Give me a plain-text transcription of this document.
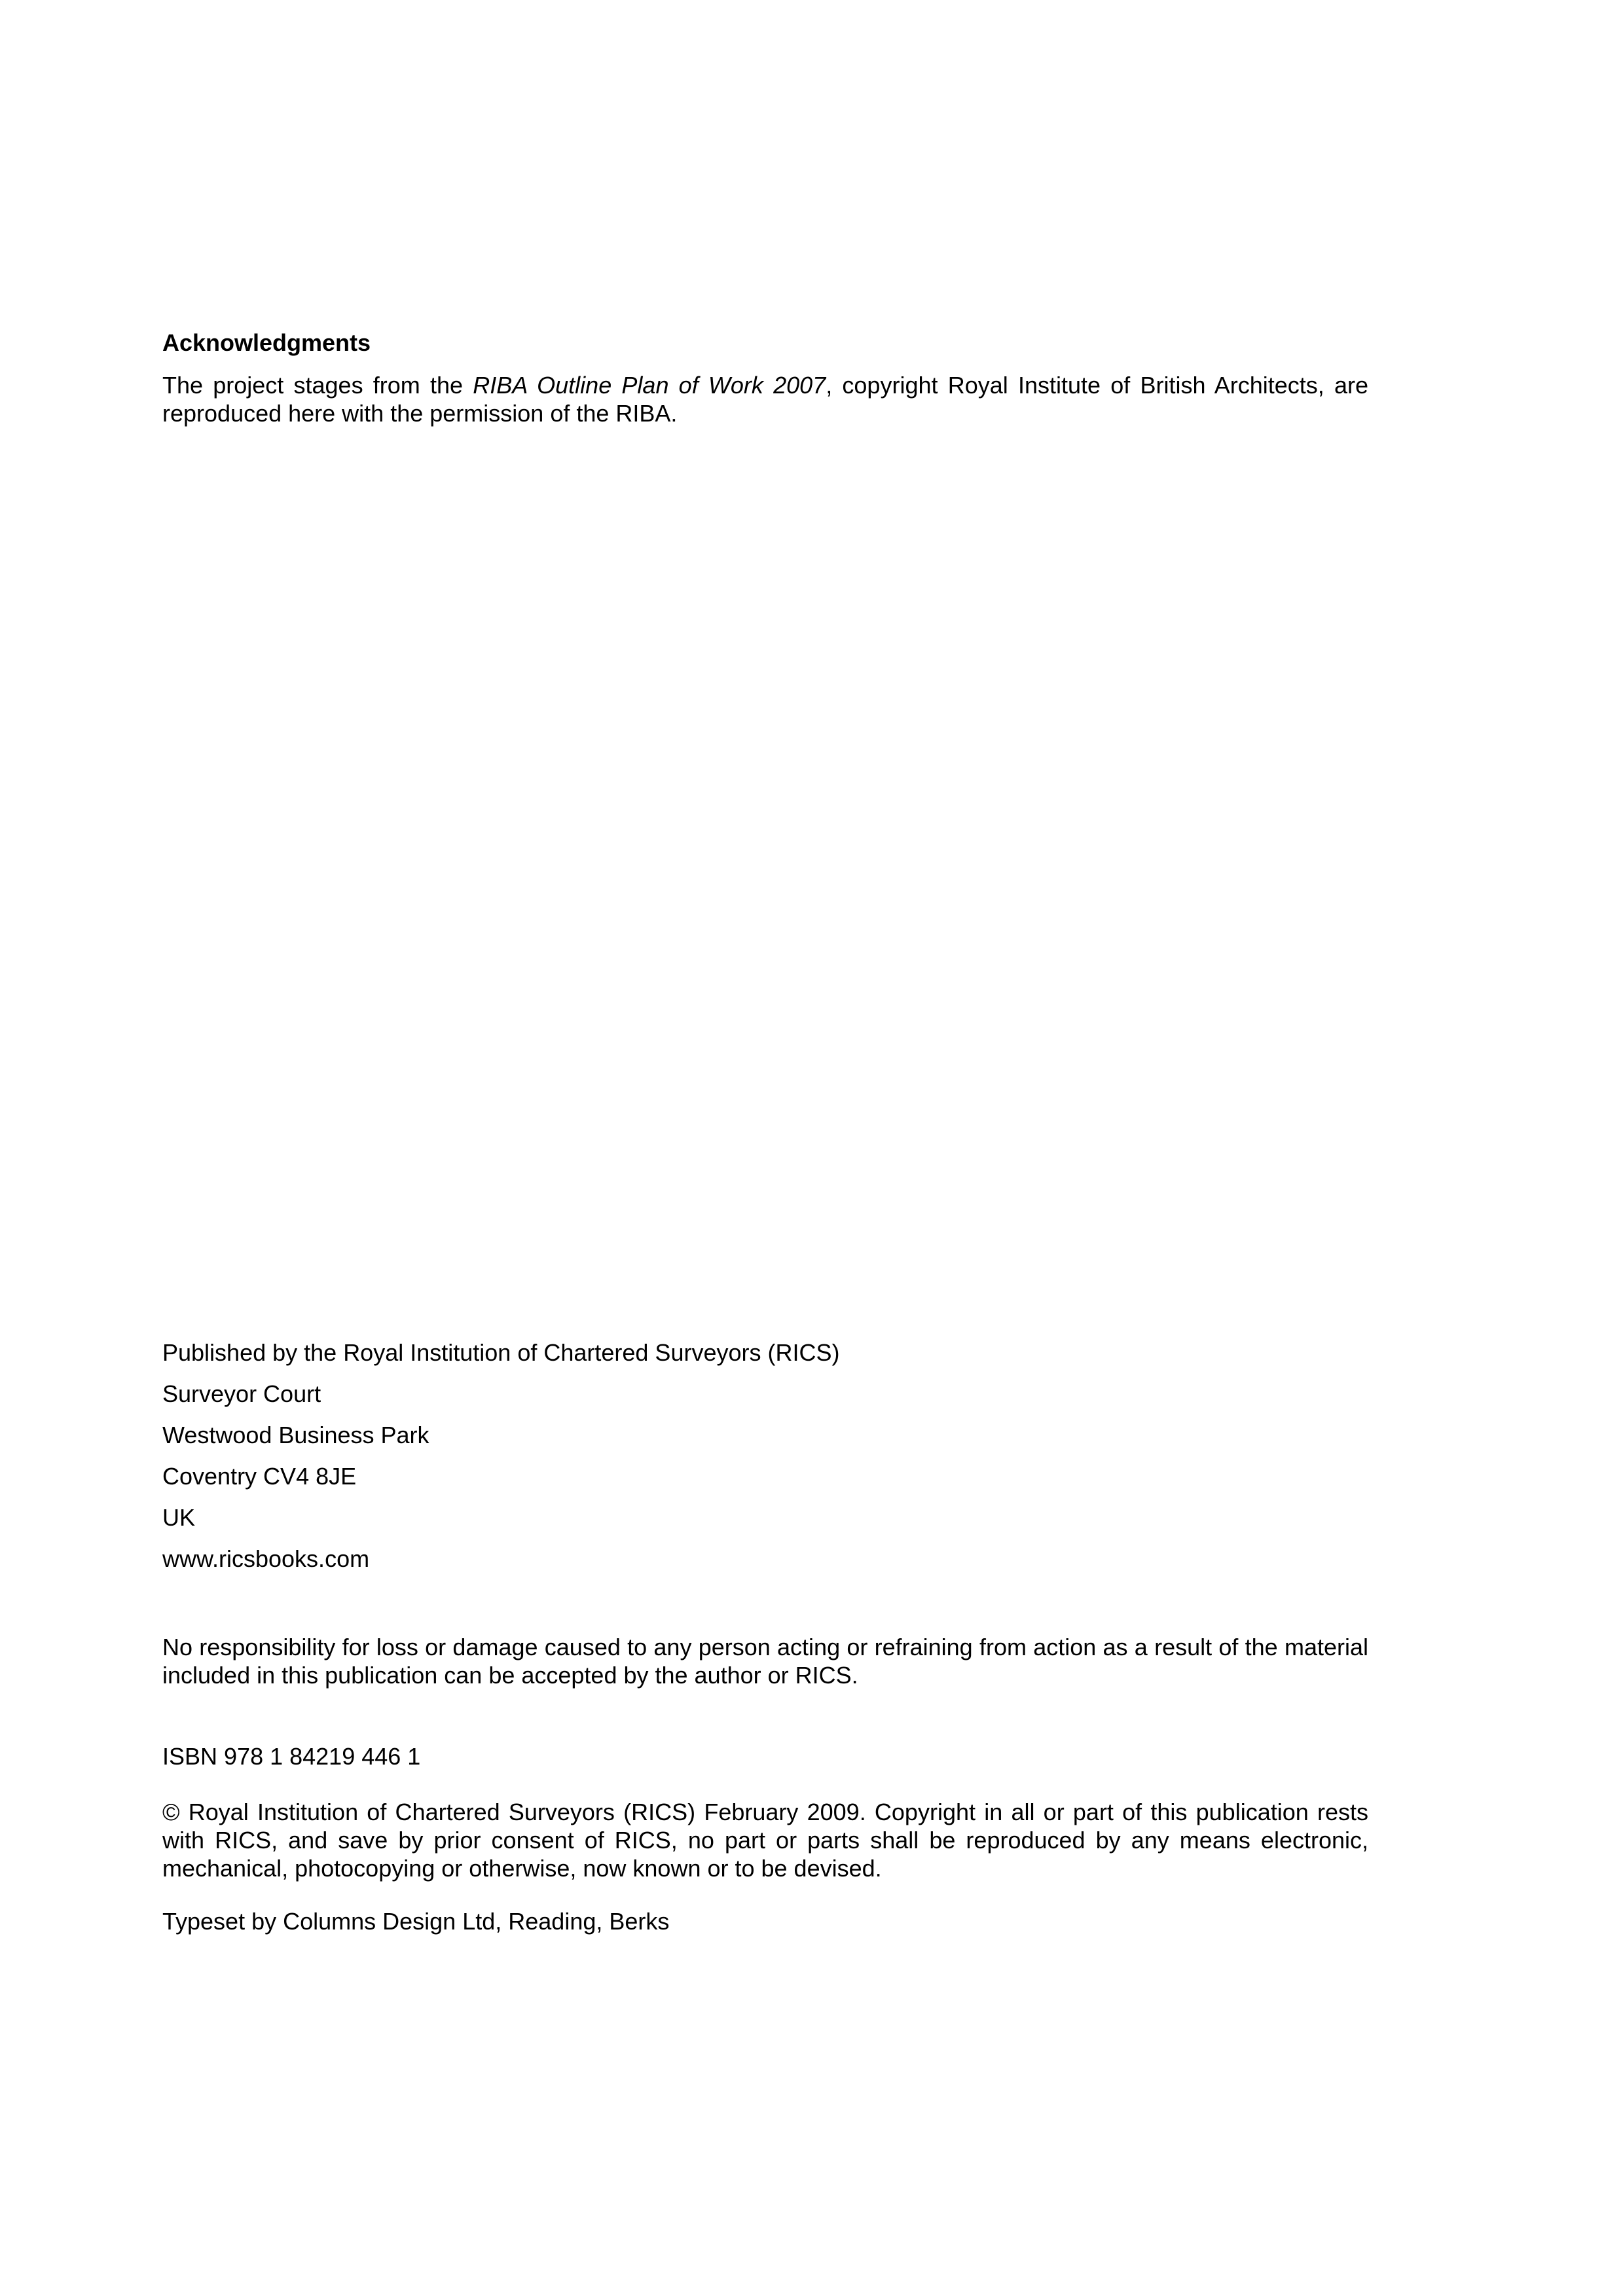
Acknowledgments

The project stages from the RIBA Outline Plan of Work 2007, copyright Royal Institute of British Architects, are reproduced here with the permission of the RIBA.

Published by the Royal Institution of Chartered Surveyors (RICS)

Surveyor Court

Westwood Business Park

Coventry CV4 8JE

UK

www.ricsbooks.com

No responsibility for loss or damage caused to any person acting or refraining from action as a result of the material included in this publication can be accepted by the author or RICS.

ISBN 978 1 84219 446 1

© Royal Institution of Chartered Surveyors (RICS) February 2009. Copyright in all or part of this publication rests with RICS, and save by prior consent of RICS, no part or parts shall be reproduced by any means electronic, mechanical, photocopying or otherwise, now known or to be devised.

Typeset by Columns Design Ltd, Reading, Berks
